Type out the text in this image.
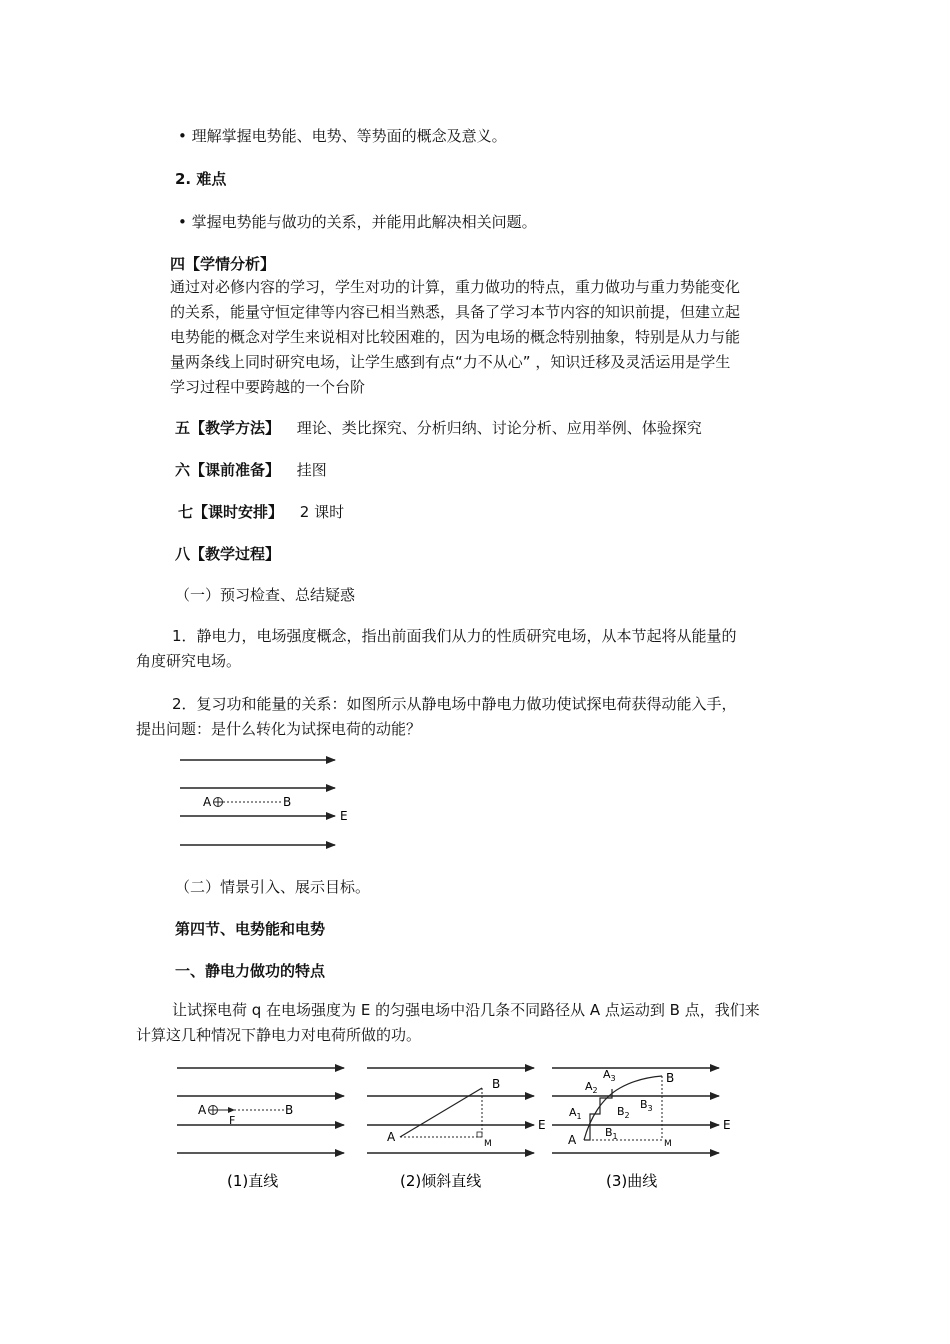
• 理解掌握电势能、电势、等势面的概念及意义。
2. 难点
• 掌握电势能与做功的关系，并能用此解决相关问题。
四【学情分析】
通过对必修内容的学习，学生对功的计算，重力做功的特点，重力做功与重力势能变化
的关系，能量守恒定律等内容已相当熟悉，具备了学习本节内容的知识前提，但建立起
电势能的概念对学生来说相对比较困难的，因为电场的概念特别抽象，特别是从力与能
量两条线上同时研究电场，让学生感到有点“力不从心” ，知识迁移及灵活运用是学生
学习过程中要跨越的一个台阶
五【教学方法】 理论、类比探究、分析归纳、讨论分析、应用举例、体验探究
六【课前准备】 挂图
七【课时安排】 2 课时
八【教学过程】
（一）预习检查、总结疑惑
1．静电力，电场强度概念，指出前面我们从力的性质研究电场，从本节起将从能量的
角度研究电场。
2．复习功和能量的关系：如图所示从静电场中静电力做功使试探电荷获得动能入手，
提出问题：是什么转化为试探电荷的动能？
A	B
E
（二）情景引入、展示目标。
第四节、电势能和电势
一、静电力做功的特点
让试探电荷 q 在电场强度为 E 的匀强电场中沿几条不同路径从 A 点运动到 B 点，我们来
计算这几种情况下静电力对电荷所做的功。
A
F
B
(1)直线
A
B
M
E
(2)倾斜直线
A
B
M
E
$A_1$
$A_2$
$A_3$
$B_1$
$B_2$
$B_3$
(3)曲线
